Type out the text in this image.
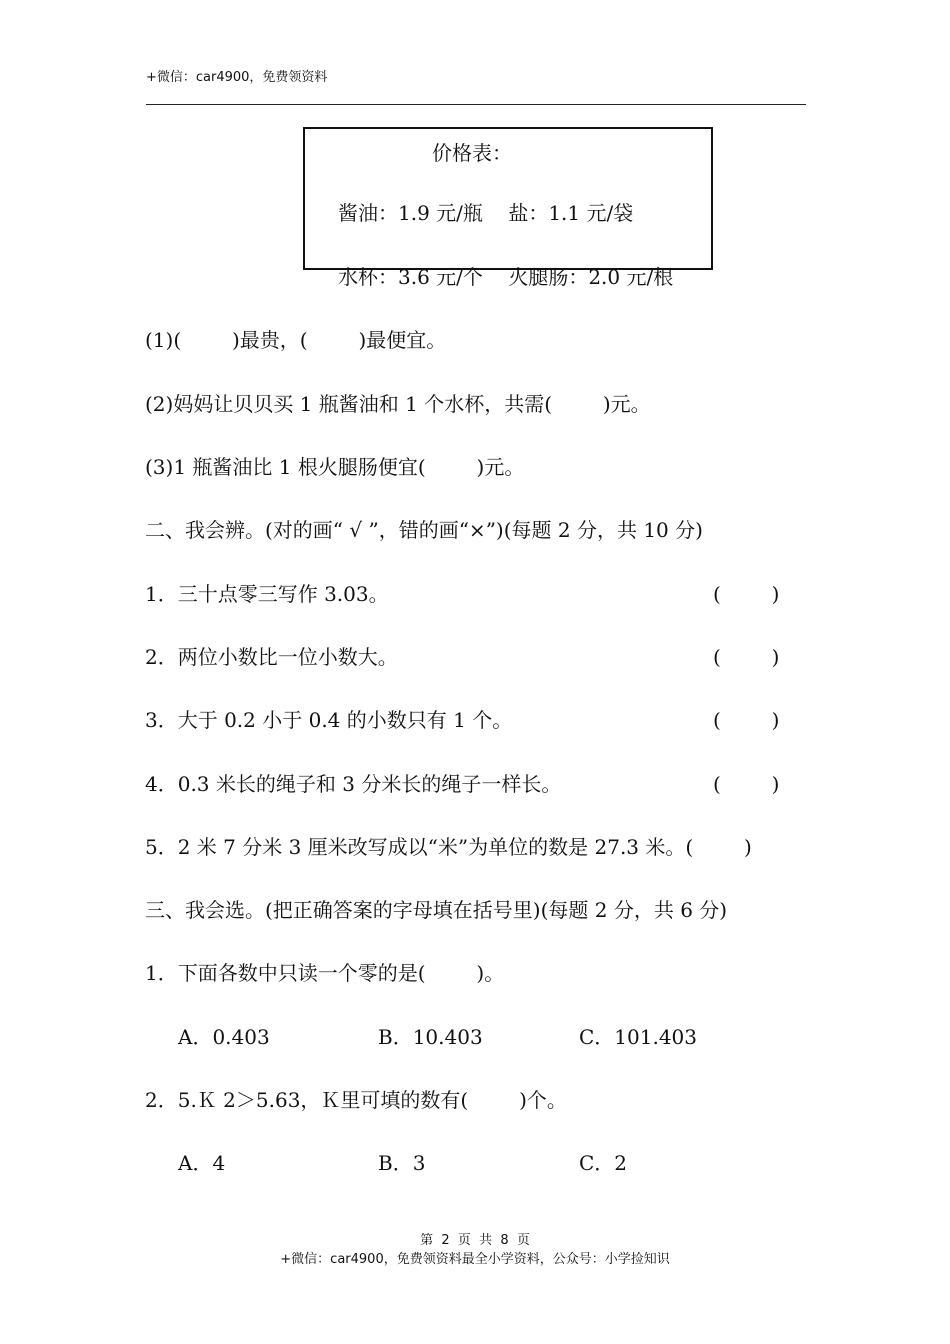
+微信：car4900，免费领资料
价格表：
酱油：1.9 元/瓶    盐：1.1 元/袋
水杯：3.6 元/个    火腿肠：2.0 元/根
(1)(        )最贵，(        )最便宜。
(2)妈妈让贝贝买 1 瓶酱油和 1 个水杯，共需(        )元。
(3)1 瓶酱油比 1 根火腿肠便宜(        )元。
二、我会辨。(对的画“ √ ”，错的画“×”)(每题 2 分，共 10 分)
1．三十点零三写作 3.03。	(        )
2．两位小数比一位小数大。	(        )
3．大于 0.2 小于 0.4 的小数只有 1 个。	(        )
4．0.3 米长的绳子和 3 分米长的绳子一样长。	(        )
5．2 米 7 分米 3 厘米改写成以“米”为单位的数是 27.3 米。(        )
三、我会选。(把正确答案的字母填在括号里)(每题 2 分，共 6 分)
1．下面各数中只读一个零的是(        )。
A．0.403	B．10.403	C．101.403
2．5.Ｋ 2＞5.63，Ｋ里可填的数有(        )个。
A．4	B．3	C．2
第  2  页  共  8  页
+微信：car4900，免费领资料最全小学资料，公众号：小学捡知识
